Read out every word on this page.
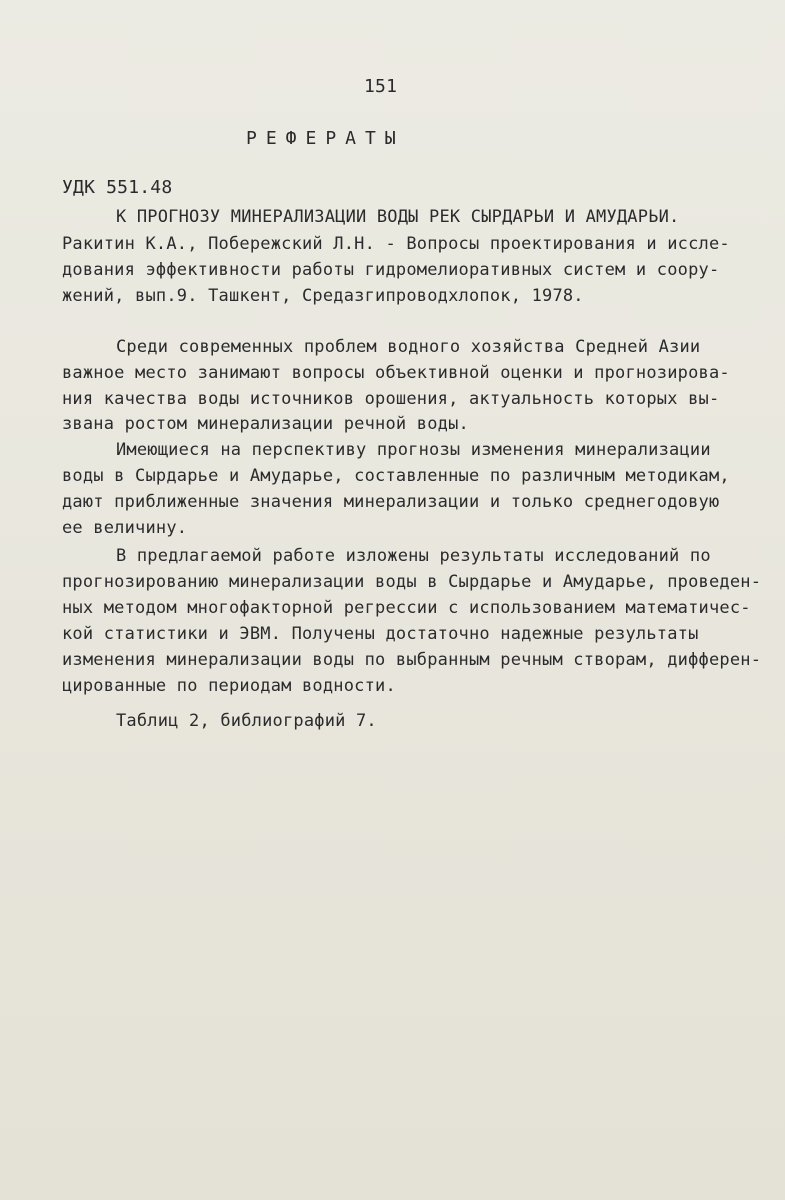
151
РЕФЕРАТЫ
УДК 551.48
К ПРОГНОЗУ МИНЕРАЛИЗАЦИИ ВОДЫ РЕК СЫРДАРЬИ И АМУДАРЬИ.
Ракитин К.А., Побережский Л.Н. - Вопросы проектирования и иссле-
дования эффективности работы гидромелиоративных систем и соору-
жений, вып.9. Ташкент, Средазгипроводхлопок, 1978.
Среди современных проблем водного хозяйства Средней Азии
важное место занимают вопросы объективной оценки и прогнозирова-
ния качества воды источников орошения, актуальность которых вы-
звана ростом минерализации речной воды.
Имеющиеся на перспективу прогнозы изменения минерализации
воды в Сырдарье и Амударье, составленные по различным методикам,
дают приближенные значения минерализации и только среднегодовую
ее величину.
В предлагаемой работе изложены результаты исследований по
прогнозированию минерализации воды в Сырдарье и Амударье, проведен-
ных методом многофакторной регрессии с использованием математичес-
кой статистики и ЭВМ. Получены достаточно надежные результаты
изменения минерализации воды по выбранным речным створам, дифферен-
цированные по периодам водности.
Таблиц 2, библиографий 7.
